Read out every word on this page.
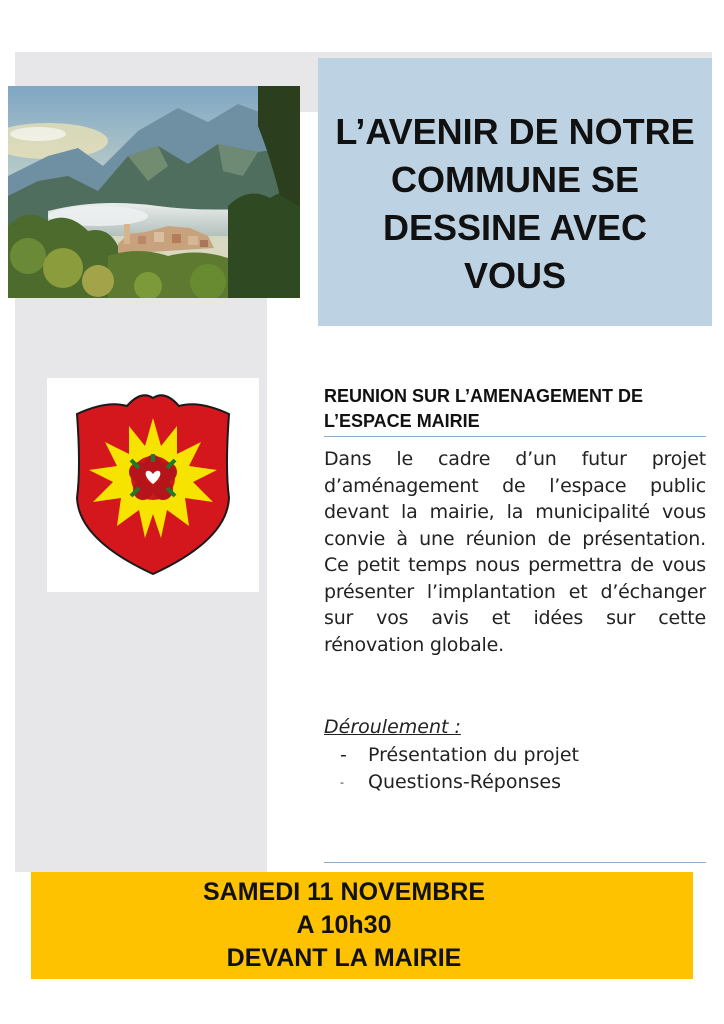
L’AVENIR DE NOTRE COMMUNE SE DESSINE AVEC VOUS
REUNION SUR L’AMENAGEMENT DE L’ESPACE MAIRIE

Dans le cadre d’un futur projet d’aménagement de l’espace public devant la mairie, la municipalité vous convie à une réunion de présentation. Ce petit temps nous permettra de vous présenter l’implantation et d’échanger sur vos avis et idées sur cette rénovation globale.

Déroulement :

-	Présentation du projet
-	Questions-Réponses
SAMEDI 11 NOVEMBRE
A 10h30
DEVANT LA MAIRIE
